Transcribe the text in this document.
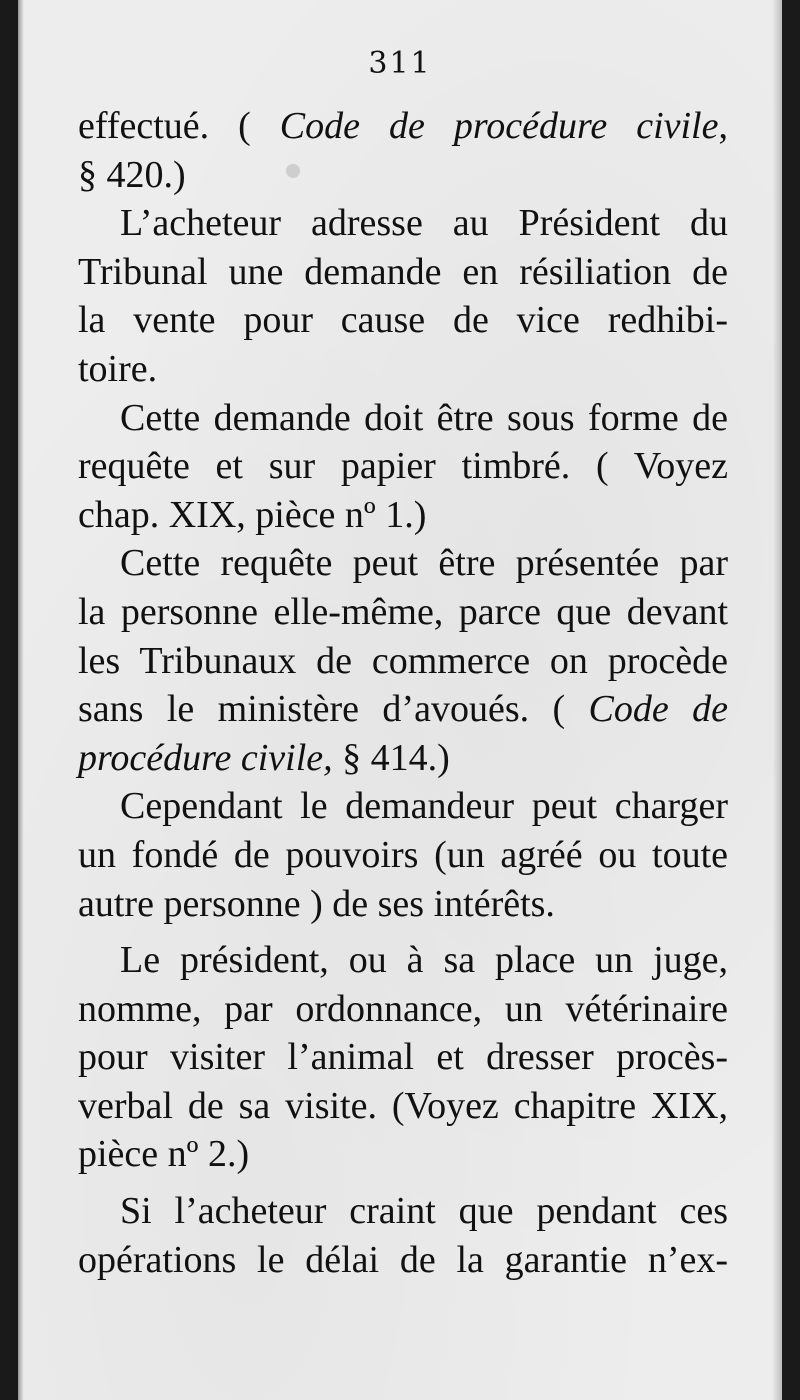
311
effectué. ( Code de procédure civile,
§ 420.)
L’acheteur adresse au Président du
Tribunal une demande en résiliation de
la vente pour cause de vice redhibi-
toire.
Cette demande doit être sous forme de
requête et sur papier timbré. ( Voyez
chap. XIX, pièce nº 1.)
Cette requête peut être présentée par
la personne elle-même, parce que devant
les Tribunaux de commerce on procède
sans le ministère d’avoués. ( Code de
procédure civile, § 414.)
Cependant le demandeur peut charger
un fondé de pouvoirs (un agréé ou toute
autre personne ) de ses intérêts.
Le président, ou à sa place un juge,
nomme, par ordonnance, un vétérinaire
pour visiter l’animal et dresser procès-
verbal de sa visite. (Voyez chapitre XIX,
pièce nº 2.)
Si l’acheteur craint que pendant ces
opérations le délai de la garantie n’ex-
